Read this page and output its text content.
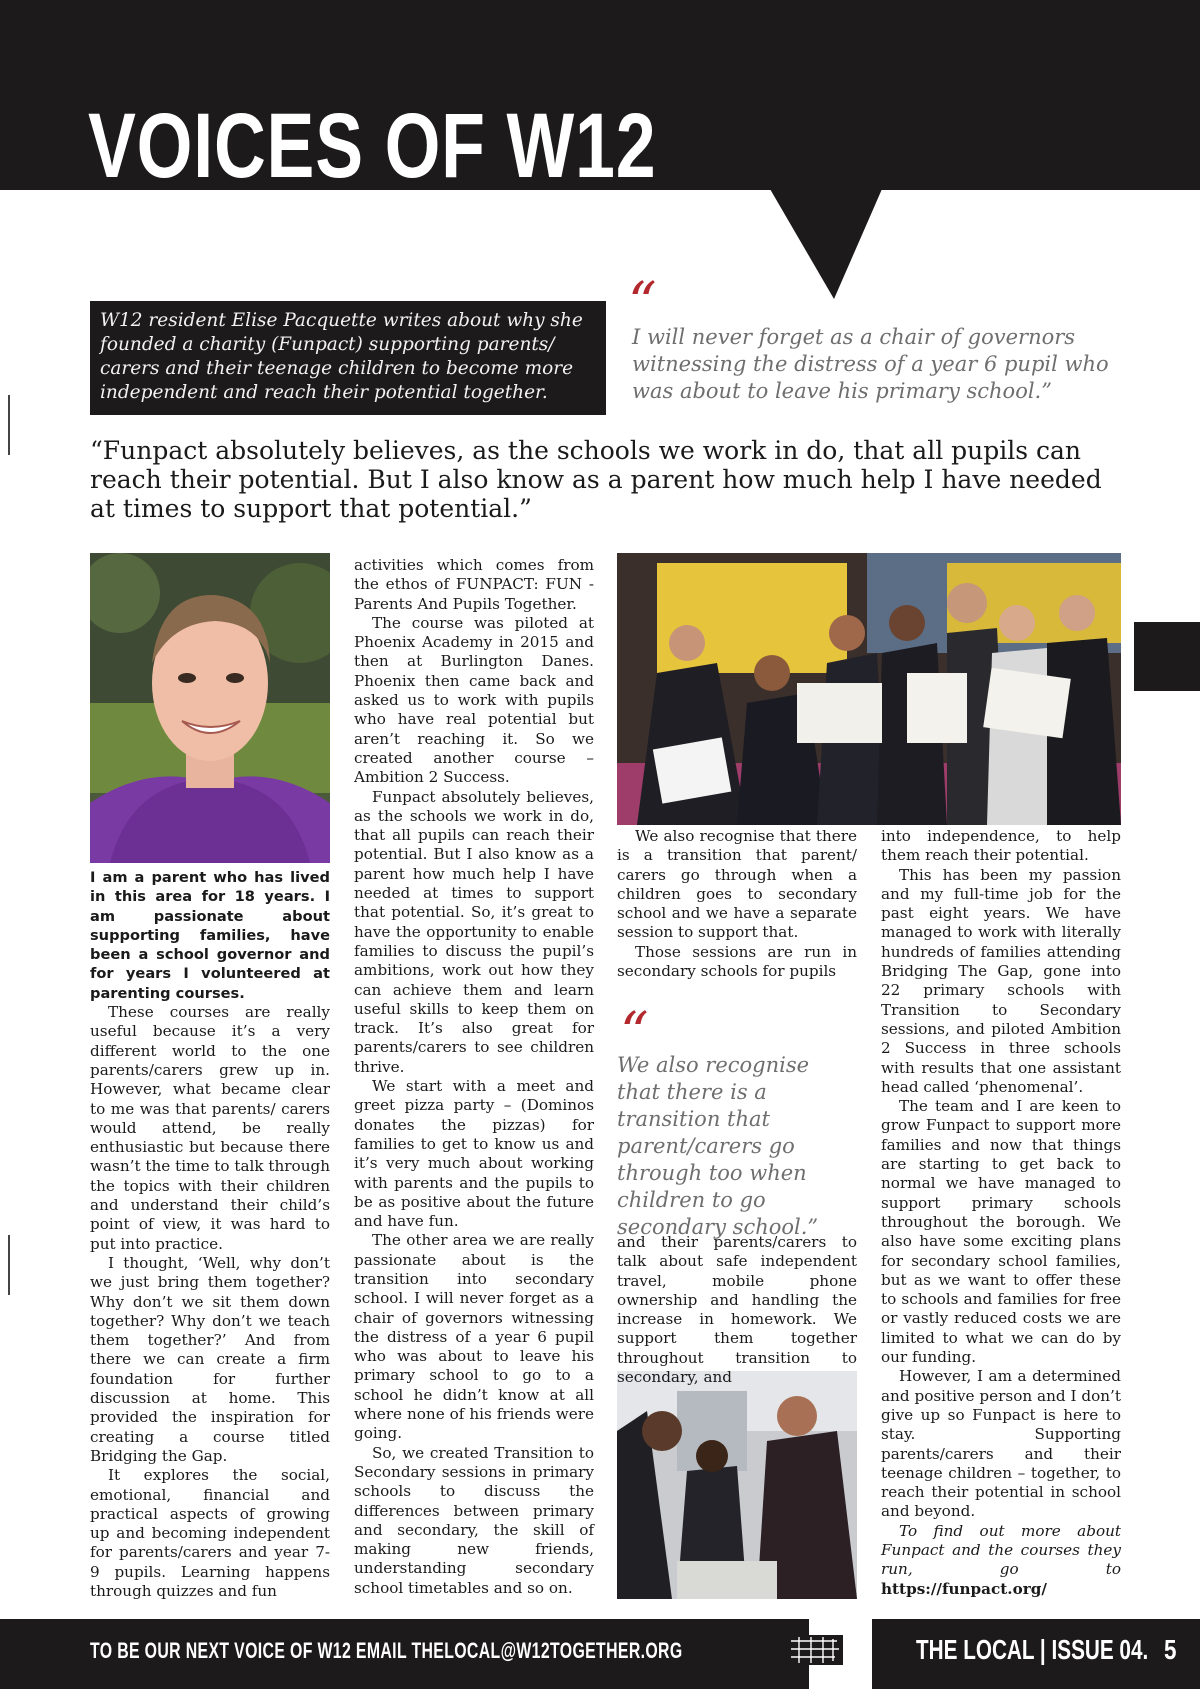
VOICES OF W12
W12 resident Elise Pacquette writes about why she founded a charity (Funpact) supporting parents/ carers and their teenage children to become more independent and reach their potential together.
“
I will never forget as a chair of governors witnessing the distress of a year 6 pupil who was about to leave his primary school.”
“Funpact absolutely believes, as the schools we work in do, that all pupils can reach their potential. But I also know as a parent how much help I have needed at times to support that potential.”

I am a parent who has lived in this area for 18 years. I am passionate about supporting families, have been a school governor and for years I volunteered at parenting courses.

These courses are really useful because it’s a very different world to the one parents/carers grew up in. However, what became clear to me was that parents/ carers would attend, be really enthusiastic but because there wasn’t the time to talk through the topics with their children and understand their child’s point of view, it was hard to put into practice.

I thought, ‘Well, why don’t we just bring them together? Why don’t we sit them down together? Why don’t we teach them together?’ And from there we can create a firm foundation for further discussion at home. This provided the inspiration for creating a course titled Bridging the Gap.

It explores the social, emotional, financial and practical aspects of growing up and becoming independent for parents/carers and year 7-9 pupils. Learning happens through quizzes and fun

activities which comes from the ethos of FUNPACT: FUN - Parents And Pupils Together.

The course was piloted at Phoenix Academy in 2015 and then at Burlington Danes. Phoenix then came back and asked us to work with pupils who have real potential but aren’t reaching it. So we created another course – Ambition 2 Success.

Funpact absolutely believes, as the schools we work in do, that all pupils can reach their potential. But I also know as a parent how much help I have needed at times to support that potential. So, it’s great to have the opportunity to enable families to discuss the pupil’s ambitions, work out how they can achieve them and learn useful skills to keep them on track. It’s also great for parents/carers to see children thrive.

We start with a meet and greet pizza party – (Dominos donates the pizzas) for families to get to know us and it’s very much about working with parents and the pupils to be as positive about the future and have fun.

The other area we are really passionate about is the transition into secondary school. I will never forget as a chair of governors witnessing the distress of a year 6 pupil who was about to leave his primary school to go to a school he didn’t know at all where none of his friends were going.

So, we created Transition to Secondary sessions in primary schools to discuss the differences between primary and secondary, the skill of making new friends, understanding secondary school timetables and so on.

We also recognise that there is a transition that parent/ carers go through when a children goes to secondary school and we have a separate session to support that.

Those sessions are run in secondary schools for pupils

“
We also recognise that there is a transition that parent/carers go through too when children to go secondary school.”

and their parents/carers to talk about safe independent travel, mobile phone ownership and handling the increase in homework. We support them together throughout transition to secondary, and

into independence, to help them reach their potential.

This has been my passion and my full-time job for the past eight years. We have managed to work with literally hundreds of families attending Bridging The Gap, gone into 22 primary schools with Transition to Secondary sessions, and piloted Ambition 2 Success in three schools with results that one assistant head called ‘phenomenal’.

The team and I are keen to grow Funpact to support more families and now that things are starting to get back to normal we have managed to support primary schools throughout the borough. We also have some exciting plans for secondary school families, but as we want to offer these to schools and families for free or vastly reduced costs we are limited to what we can do by our funding.

However, I am a determined and positive person and I don’t give up so Funpact is here to stay. Supporting parents/carers and their teenage children – together, to reach their potential in school and beyond.

To find out more about Funpact and the courses they run, go to https://funpact.org/

TO BE OUR NEXT VOICE OF W12 EMAIL THELOCAL@W12TOGETHER.ORG	W12
TOGETHER	THE LOCAL | ISSUE 04. 5
